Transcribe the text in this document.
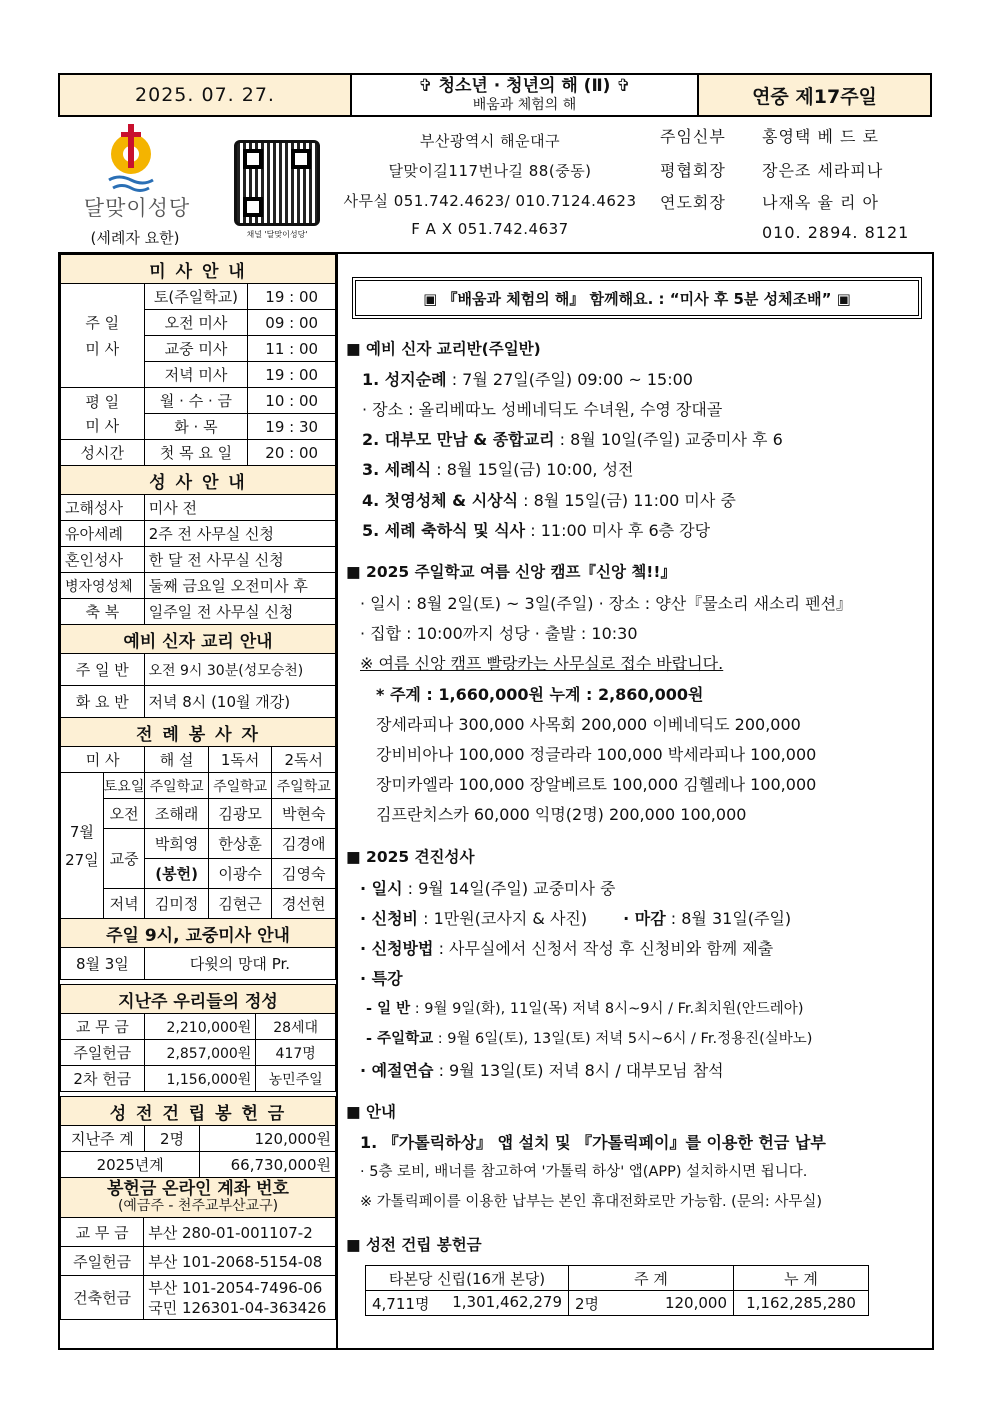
2025. 07. 27.	✞ 청소년 · 청년의 해 (Ⅱ) ✞
배움과 체험의 해	연중 제17주일
달맞이성당
(세례자 요한)	채널 '달맞이성당'
부산광역시 해운대구
달맞이길117번나길 88(중동)
사무실 051.742.4623/ 010.7124.4623
F A X 051.742.4637
주임신부 홍영택 베 드 로
평협회장 장은조 세라피나
연도회장 나재옥 율 리 아
010. 2894. 8121
미 사 안 내		
주 일
미 사	토(주일학교)	19 : 00
	오전 미사	09 : 00
	교중 미사	11 : 00
	저녁 미사	19 : 00
평 일
미 사	월 · 수 · 금	10 : 00
	화 · 목	19 : 30
성시간	첫 목 요 일	20 : 00
성 사 안 내	
고해성사	미사 전
유아세례	2주 전 사무실 신청
혼인성사	한 달 전 사무실 신청
병자영성체	둘째 금요일 오전미사 후
축 복	일주일 전 사무실 신청
예비 신자 교리 안내	
주 일 반	오전 9시 30분(성모승천)
화 요 반	저녁 8시 (10월 개강)
전 례 봉 사 자				
미 사		해 설	1독서	2독서
7월
27일	토요일	주일학교	주일학교	주일학교
	오전	조해래	김광모	박현숙
	교중	박희영	한상훈	김경애
		(봉헌)	이광수	김영숙
	저녁	김미정	김현근	경선현
주일 9시, 교중미사 안내
8월 3일	다윗의 망대 Pr.
지난주 우리들의 정성		
교 무 금	2,210,000원	28세대
주일헌금	2,857,000원	417명
2차 헌금	1,156,000원	농민주일
성 전 건 립 봉 헌 금		
지난주 계	2명	120,000원
2025년계		66,730,000원
봉헌금 온라인 계좌 번호
(예금주 - 천주교부산교구)	

교 무 금	부산 280-01-001107-2
주일헌금	부산 101-2068-5154-08
건축헌금	부산 101-2054-7496-06
국민 126301-04-363426
▣ 『배움과 체험의 해』 함께해요. : “미사 후 5분 성체조배” ▣
■ 예비 신자 교리반(주일반)
1. 성지순례 : 7월 27일(주일) 09:00 ~ 15:00
· 장소 : 올리베따노 성베네딕도 수녀원, 수영 장대골
2. 대부모 만남 & 종합교리 : 8월 10일(주일) 교중미사 후 6
3. 세례식 : 8월 15일(금) 10:00, 성전
4. 첫영성체 & 시상식 : 8월 15일(금) 11:00 미사 중
5. 세례 축하식 및 식사 : 11:00 미사 후 6층 강당
■ 2025 주일학교 여름 신앙 캠프『신앙 쳌!!』
· 일시 : 8월 2일(토) ~ 3일(주일) · 장소 : 양산『물소리 새소리 펜션』
· 집합 : 10:00까지 성당 · 출발 : 10:30
※ 여름 신앙 캠프 빨랑카는 사무실로 접수 바랍니다.
* 주계 : 1,660,000원 누계 : 2,860,000원
장세라피나 300,000 사목회 200,000 이베네딕도 200,000
강비비아나 100,000 정글라라 100,000 박세라피나 100,000
장미카엘라 100,000 장알베르토 100,000 김헬레나 100,000
김프란치스카 60,000 익명(2명) 200,000 100,000
■ 2025 견진성사
· 일시 : 9월 14일(주일) 교중미사 중
· 신청비 : 1만원(코사지 & 사진) · 마감 : 8월 31일(주일)
· 신청방법 : 사무실에서 신청서 작성 후 신청비와 함께 제출
· 특강
- 일 반 : 9월 9일(화), 11일(목) 저녁 8시~9시 / Fr.최치원(안드레아)
- 주일학교 : 9월 6일(토), 13일(토) 저녁 5시~6시 / Fr.정용진(실바노)
· 예절연습 : 9월 13일(토) 저녁 8시 / 대부모님 참석
■ 안내
1. 『가톨릭하상』 앱 설치 및 『가톨릭페이』를 이용한 헌금 납부
· 5층 로비, 배너를 참고하여 '가톨릭 하상' 앱(APP) 설치하시면 됩니다.
※ 가톨릭페이를 이용한 납부는 본인 휴대전화로만 가능함. (문의: 사무실)
■ 성전 건립 봉헌금
타본당 신립(16개 본당)	주 계		누 계
4,711명 1,301,462,279	2명	120,000	1,162,285,280
